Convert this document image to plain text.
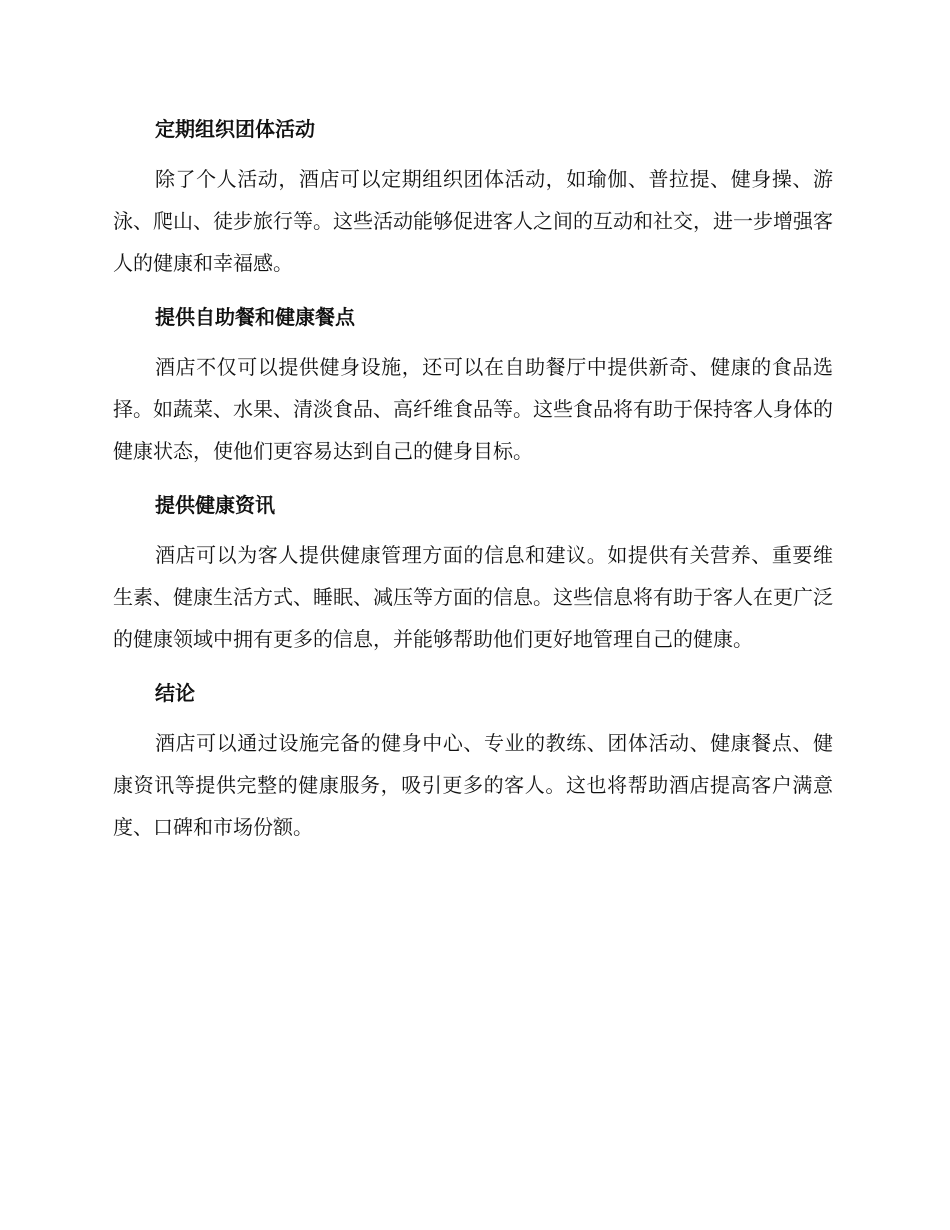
定期组织团体活动

除了个人活动，酒店可以定期组织团体活动，如瑜伽、普拉提、健身操、游泳、爬山、徒步旅行等。这些活动能够促进客人之间的互动和社交，进一步增强客人的健康和幸福感。

提供自助餐和健康餐点

酒店不仅可以提供健身设施，还可以在自助餐厅中提供新奇、健康的食品选择。如蔬菜、水果、清淡食品、高纤维食品等。这些食品将有助于保持客人身体的健康状态，使他们更容易达到自己的健身目标。

提供健康资讯

酒店可以为客人提供健康管理方面的信息和建议。如提供有关营养、重要维生素、健康生活方式、睡眠、减压等方面的信息。这些信息将有助于客人在更广泛的健康领域中拥有更多的信息，并能够帮助他们更好地管理自己的健康。

结论

酒店可以通过设施完备的健身中心、专业的教练、团体活动、健康餐点、健康资讯等提供完整的健康服务，吸引更多的客人。这也将帮助酒店提高客户满意度、口碑和市场份额。
